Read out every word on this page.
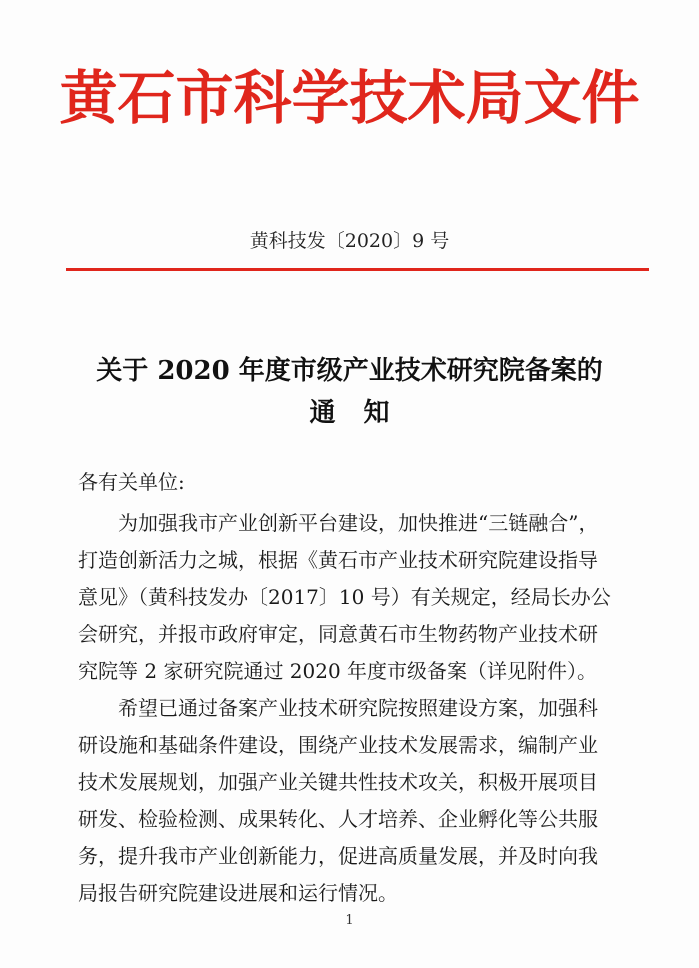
黄石市科学技术局文件
黄科技发〔2020〕9 号
关于 2020 年度市级产业技术研究院备案的
通知
各有关单位:
为加强我市产业创新平台建设，加快推进“三链融合”，
打造创新活力之城，根据《黄石市产业技术研究院建设指导
意见》（黄科技发办〔2017〕10 号）有关规定，经局长办公
会研究，并报市政府审定，同意黄石市生物药物产业技术研
究院等 2 家研究院通过 2020 年度市级备案（详见附件）。
希望已通过备案产业技术研究院按照建设方案，加强科
研设施和基础条件建设，围绕产业技术发展需求，编制产业
技术发展规划，加强产业关键共性技术攻关，积极开展项目
研发、检验检测、成果转化、人才培养、企业孵化等公共服
务，提升我市产业创新能力，促进高质量发展，并及时向我
局报告研究院建设进展和运行情况。
1
